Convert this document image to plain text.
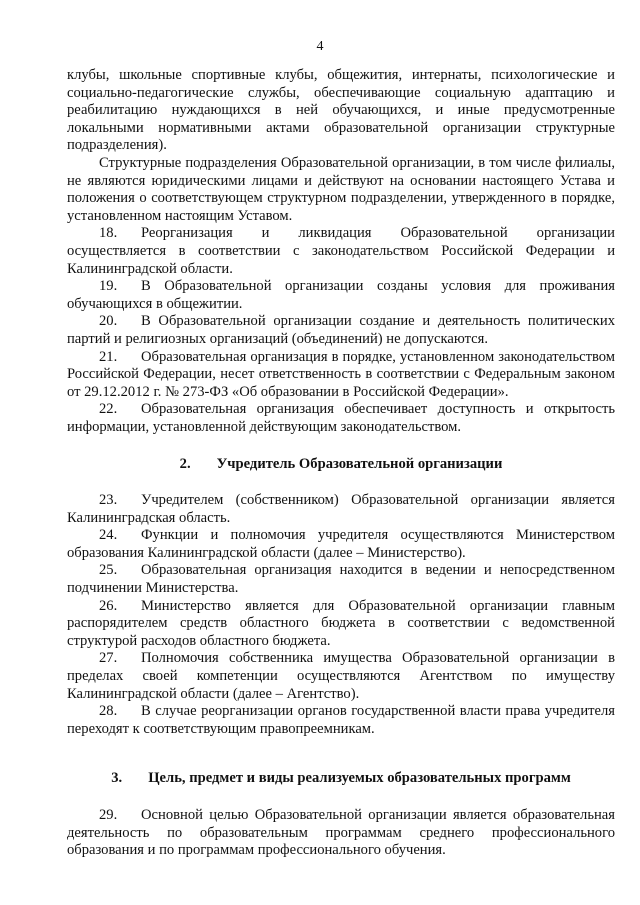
4

клубы, школьные спортивные клубы, общежития, интернаты, психологические и социально-педагогические службы, обеспечивающие социальную адаптацию и реабилитацию нуждающихся в ней обучающихся, и иные предусмотренные локальными нормативными актами образовательной организации структурные подразделения).

Структурные подразделения Образовательной организации, в том числе филиалы, не являются юридическими лицами и действуют на основании настоящего Устава и положения о соответствующем структурном подразделении, утвержденного в порядке, установленном настоящим Уставом.

18. Реорганизация и ликвидация Образовательной организации осуществляется в соответствии с законодательством Российской Федерации и Калининградской области.

19. В Образовательной организации созданы условия для проживания обучающихся в общежитии.

20. В Образовательной организации создание и деятельность политических партий и религиозных организаций (объединений) не допускаются.

21. Образовательная организация в порядке, установленном законодательством Российской Федерации, несет ответственность в соответствии с Федеральным законом от 29.12.2012 г. № 273-ФЗ «Об образовании в Российской Федерации».

22. Образовательная организация обеспечивает доступность и открытость информации, установленной действующим законодательством.

2. Учредитель Образовательной организации

23. Учредителем (собственником) Образовательной организации является Калининградская область.

24. Функции и полномочия учредителя осуществляются Министерством образования Калининградской области (далее – Министерство).

25. Образовательная организация находится в ведении и непосредственном подчинении Министерства.

26. Министерство является для Образовательной организации главным распорядителем средств областного бюджета в соответствии с ведомственной структурой расходов областного бюджета.

27. Полномочия собственника имущества Образовательной организации в пределах своей компетенции осуществляются Агентством по имуществу Калининградской области (далее – Агентство).

28. В случае реорганизации органов государственной власти права учредителя переходят к соответствующим правопреемникам.

3. Цель, предмет и виды реализуемых образовательных программ

29. Основной целью Образовательной организации является образовательная деятельность по образовательным программам среднего профессионального образования и по программам профессионального обучения.
